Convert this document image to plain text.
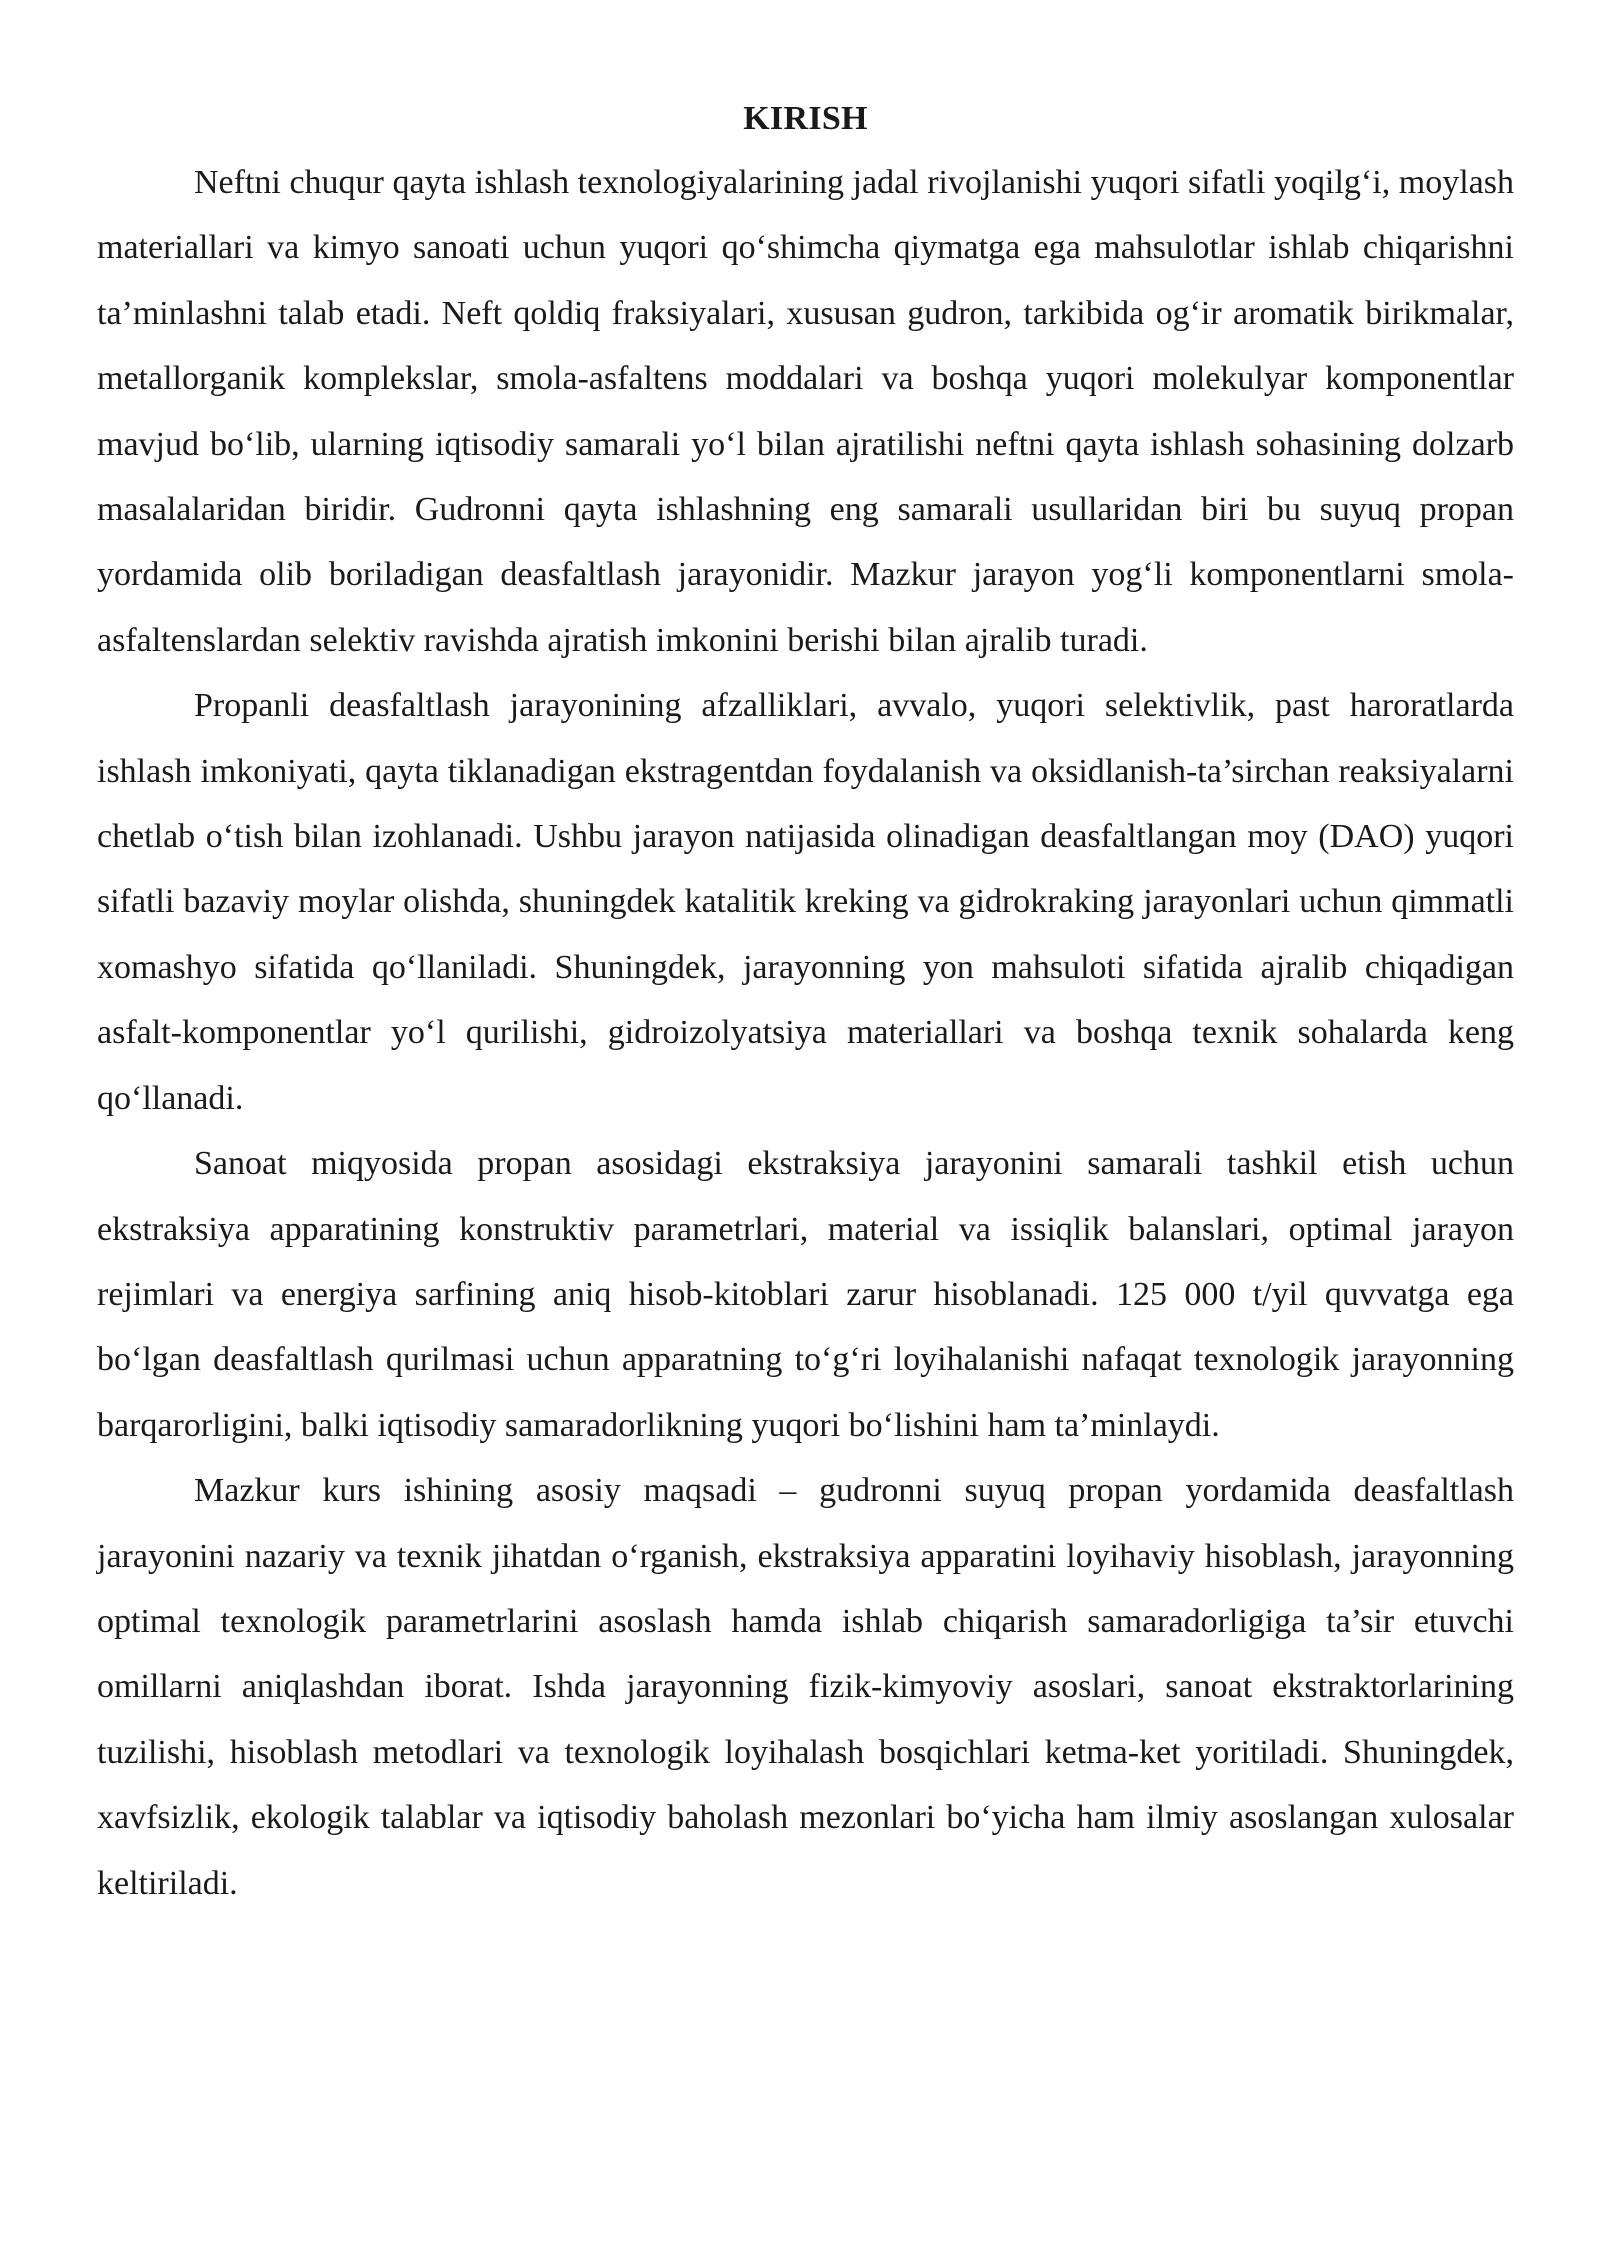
KIRISH

Neftni chuqur qayta ishlash texnologiyalarining jadal rivojlanishi yuqori sifatli yoqilg‘i, moylash materiallari va kimyo sanoati uchun yuqori qo‘shimcha qiymatga ega mahsulotlar ishlab chiqarishni ta’minlashni talab etadi. Neft qoldiq fraksiyalari, xususan gudron, tarkibida og‘ir aromatik birikmalar, metallorganik komplekslar, smola-asfaltens moddalari va boshqa yuqori molekulyar komponentlar mavjud bo‘lib, ularning iqtisodiy samarali yo‘l bilan ajratilishi neftni qayta ishlash sohasining dolzarb masalalaridan biridir. Gudronni qayta ishlashning eng samarali usullaridan biri bu suyuq propan yordamida olib boriladigan deasfaltlash jarayonidir. Mazkur jarayon yog‘li komponentlarni smola-asfaltenslardan selektiv ravishda ajratish imkonini berishi bilan ajralib turadi.

Propanli deasfaltlash jarayonining afzalliklari, avvalo, yuqori selektivlik, past haroratlarda ishlash imkoniyati, qayta tiklanadigan ekstragentdan foydalanish va oksidlanish-ta’sirchan reaksiyalarni chetlab o‘tish bilan izohlanadi. Ushbu jarayon natijasida olinadigan deasfaltlangan moy (DAO) yuqori sifatli bazaviy moylar olishda, shuningdek katalitik kreking va gidrokraking jarayonlari uchun qimmatli xomashyo sifatida qo‘llaniladi. Shuningdek, jarayonning yon mahsuloti sifatida ajralib chiqadigan asfalt-komponentlar yo‘l qurilishi, gidroizolyatsiya materiallari va boshqa texnik sohalarda keng qo‘llanadi.

Sanoat miqyosida propan asosidagi ekstraksiya jarayonini samarali tashkil etish uchun ekstraksiya apparatining konstruktiv parametrlari, material va issiqlik balanslari, optimal jarayon rejimlari va energiya sarfining aniq hisob-kitoblari zarur hisoblanadi. 125 000 t/yil quvvatga ega bo‘lgan deasfaltlash qurilmasi uchun apparatning to‘g‘ri loyihalanishi nafaqat texnologik jarayonning barqarorligini, balki iqtisodiy samaradorlikning yuqori bo‘lishini ham ta’minlaydi.

Mazkur kurs ishining asosiy maqsadi – gudronni suyuq propan yordamida deasfaltlash jarayonini nazariy va texnik jihatdan o‘rganish, ekstraksiya apparatini loyihaviy hisoblash, jarayonning optimal texnologik parametrlarini asoslash hamda ishlab chiqarish samaradorligiga ta’sir etuvchi omillarni aniqlashdan iborat. Ishda jarayonning fizik-kimyoviy asoslari, sanoat ekstraktorlarining tuzilishi, hisoblash metodlari va texnologik loyihalash bosqichlari ketma-ket yoritiladi. Shuningdek, xavfsizlik, ekologik talablar va iqtisodiy baholash mezonlari bo‘yicha ham ilmiy asoslangan xulosalar keltiriladi.
